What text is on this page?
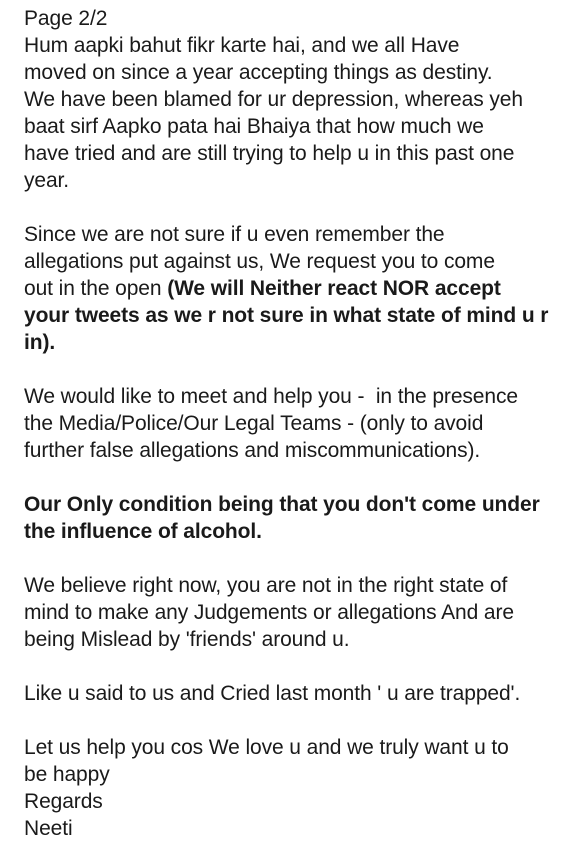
Page 2/2
Hum aapki bahut fikr karte hai, and we all Have
moved on since a year accepting things as destiny.
We have been blamed for ur depression, whereas yeh
baat sirf Aapko pata hai Bhaiya that how much we
have tried and are still trying to help u in this past one
year.
Since we are not sure if u even remember the
allegations put against us, We request you to come
out in the open (We will Neither react NOR accept
your tweets as we r not sure in what state of mind u r
in).
We would like to meet and help you -  in the presence
the Media/Police/Our Legal Teams - (only to avoid
further false allegations and miscommunications).
Our Only condition being that you don't come under
the influence of alcohol.
We believe right now, you are not in the right state of
mind to make any Judgements or allegations And are
being Mislead by 'friends' around u.
Like u said to us and Cried last month ' u are trapped'.
Let us help you cos We love u and we truly want u to
be happy
Regards
Neeti
